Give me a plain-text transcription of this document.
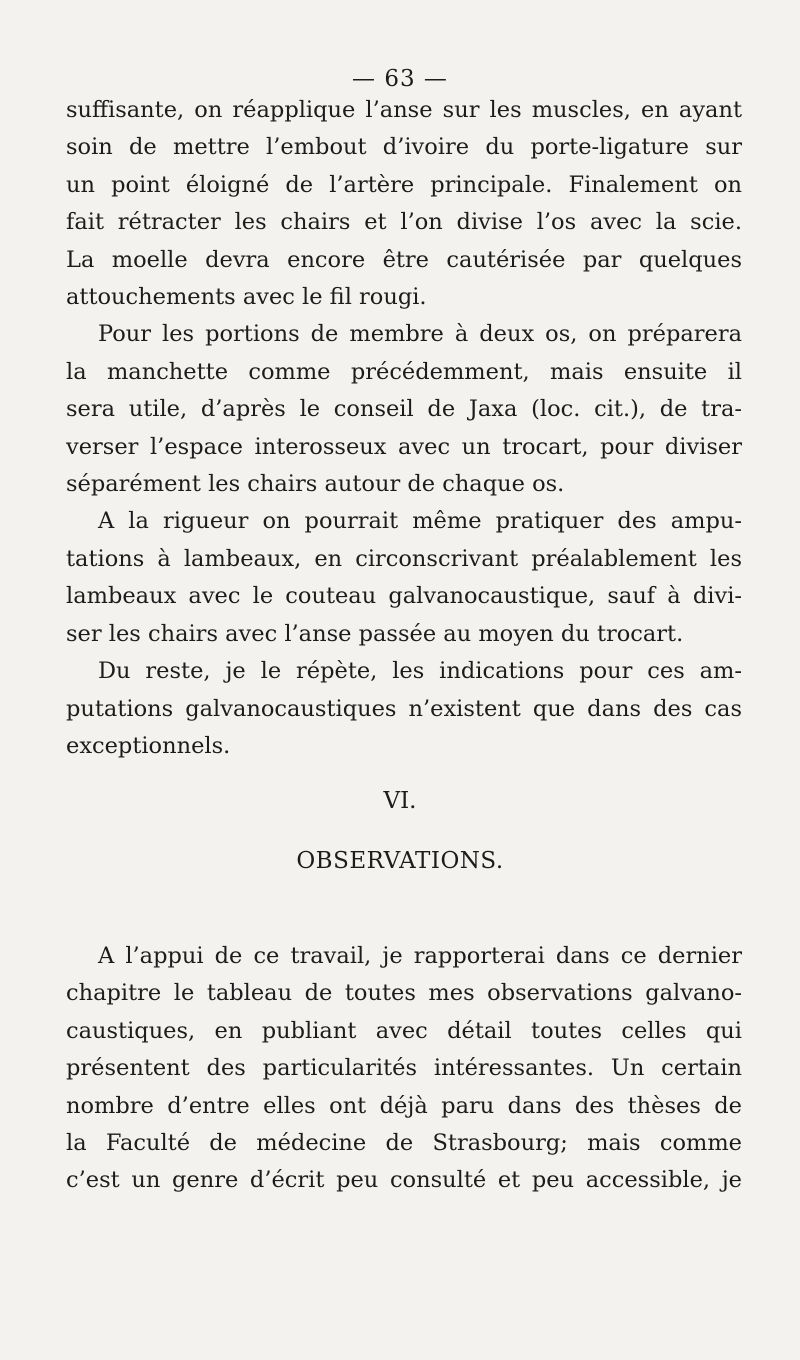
— 63 —
suffisante, on réapplique l’anse sur les muscles, en ayant
soin de mettre l’embout d’ivoire du porte-ligature sur
un point éloigné de l’artère principale. Finalement on
fait rétracter les chairs et l’on divise l’os avec la scie.
La moelle devra encore être cautérisée par quelques
attouchements avec le fil rougi.
Pour les portions de membre à deux os, on préparera
la manchette comme précédemment, mais ensuite il
sera utile, d’après le conseil de Jaxa (loc. cit.), de tra-
verser l’espace interosseux avec un trocart, pour diviser
séparément les chairs autour de chaque os.
A la rigueur on pourrait même pratiquer des ampu-
tations à lambeaux, en circonscrivant préalablement les
lambeaux avec le couteau galvanocaustique, sauf à divi-
ser les chairs avec l’anse passée au moyen du trocart.
Du reste, je le répète, les indications pour ces am-
putations galvanocaustiques n’existent que dans des cas
exceptionnels.
VI.
OBSERVATIONS.
A l’appui de ce travail, je rapporterai dans ce dernier
chapitre le tableau de toutes mes observations galvano-
caustiques, en publiant avec détail toutes celles qui
présentent des particularités intéressantes. Un certain
nombre d’entre elles ont déjà paru dans des thèses de
la Faculté de médecine de Strasbourg; mais comme
c’est un genre d’écrit peu consulté et peu accessible, je
